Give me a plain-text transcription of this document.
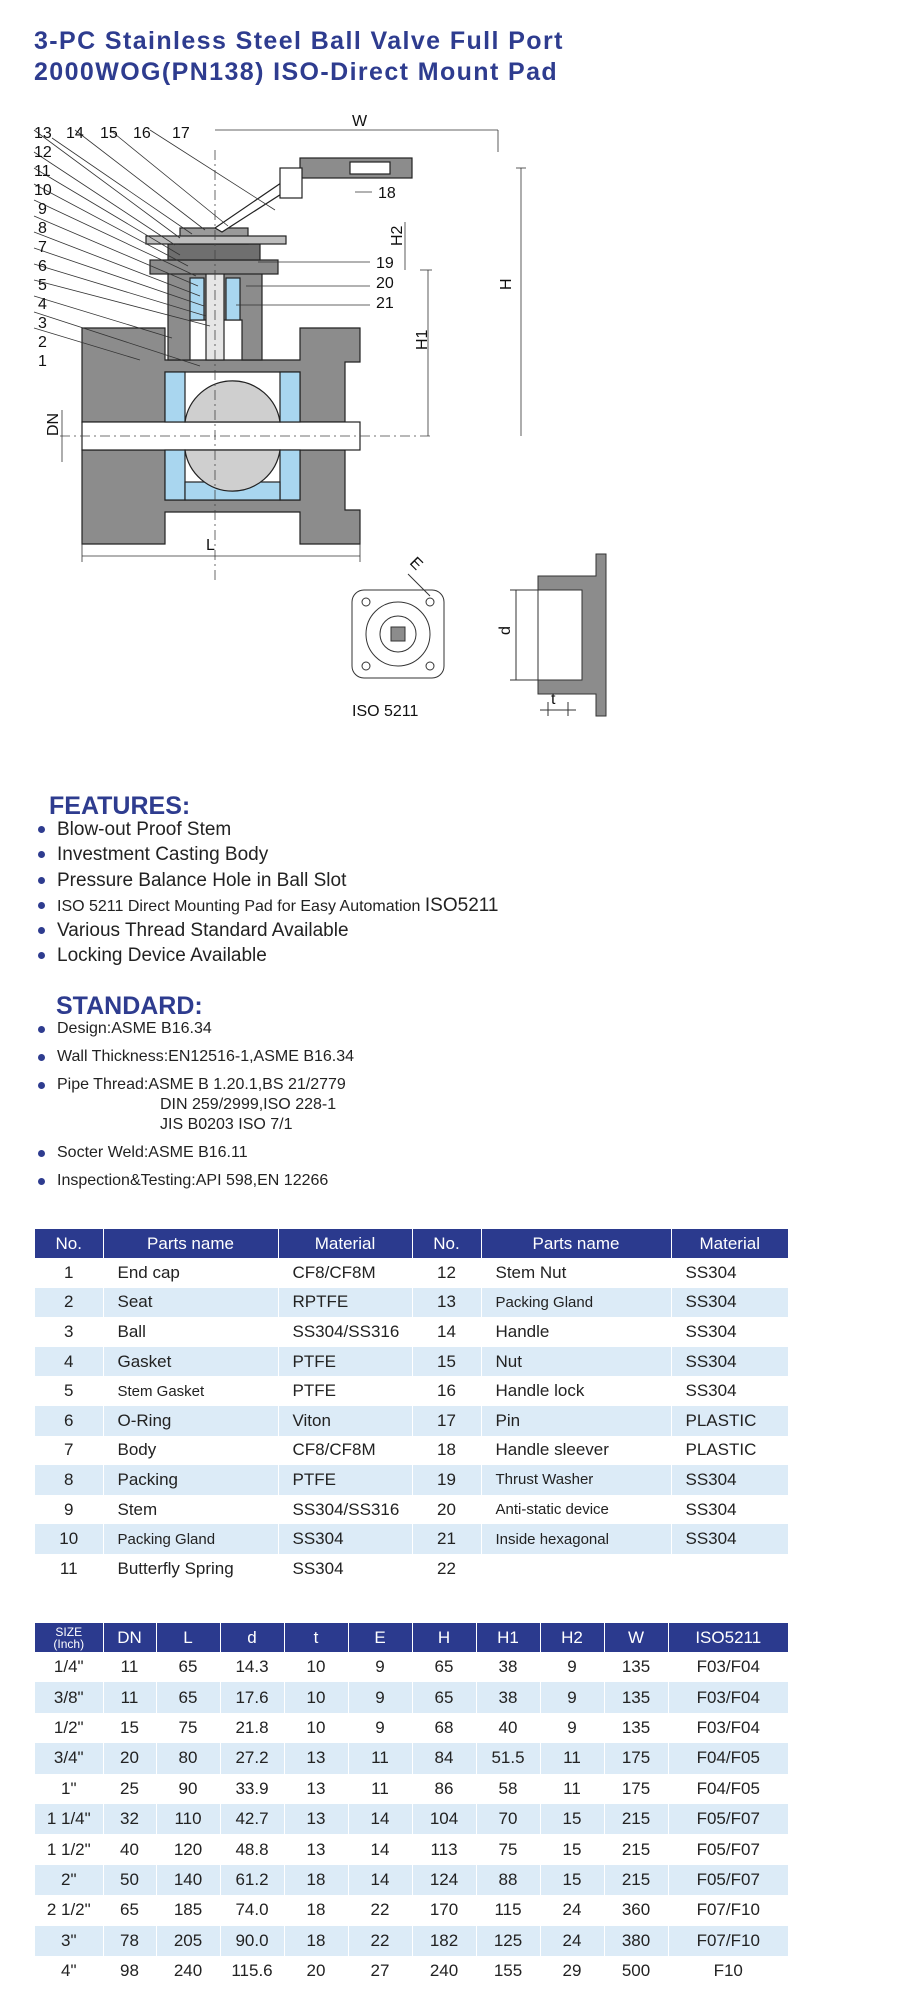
3-PC Stainless Steel Ball Valve Full Port
2000WOG(PN138) ISO-Direct Mount Pad
13 14 15 16 17
12
11
10
9
8
7
6
5
4
3
2
1
18
19
20
21
W
H
H1
H2
DN
L
E
ISO 5211
d
t
FEATURES:
Blow-out Proof Stem
Investment Casting Body
Pressure Balance Hole in Ball Slot
ISO 5211 Direct Mounting Pad for Easy Automation ISO5211
Various Thread Standard Available
Locking Device Available
STANDARD:
Design:ASME B16.34
Wall Thickness:EN12516-1,ASME B16.34
Pipe Thread:ASME B 1.20.1,BS 21/2779
DIN 259/2999,ISO 228-1
JIS B0203 ISO 7/1
Socter Weld:ASME B16.11
Inspection&Testing:API 598,EN 12266
No.	Parts name	Material	No.	Parts name	Material
1	End cap	CF8/CF8M	12	Stem Nut	SS304
2	Seat	RPTFE	13	Packing Gland	SS304
3	Ball	SS304/SS316	14	Handle	SS304
4	Gasket	PTFE	15	Nut	SS304
5	Stem Gasket	PTFE	16	Handle lock	SS304
6	O-Ring	Viton	17	Pin	PLASTIC
7	Body	CF8/CF8M	18	Handle sleever	PLASTIC
8	Packing	PTFE	19	Thrust Washer	SS304
9	Stem	SS304/SS316	20	Anti-static device	SS304
10	Packing Gland	SS304	21	Inside hexagonal	SS304
11	Butterfly Spring	SS304	22		
SIZE
(Inch)	DN	L	d	t	E	H	H1	H2	W	ISO5211
1/4"	11	65	14.3	10	9	65	38	9	135	F03/F04
3/8"	11	65	17.6	10	9	65	38	9	135	F03/F04
1/2"	15	75	21.8	10	9	68	40	9	135	F03/F04
3/4"	20	80	27.2	13	11	84	51.5	11	175	F04/F05
1"	25	90	33.9	13	11	86	58	11	175	F04/F05
1 1/4"	32	110	42.7	13	14	104	70	15	215	F05/F07
1 1/2"	40	120	48.8	13	14	113	75	15	215	F05/F07
2"	50	140	61.2	18	14	124	88	15	215	F05/F07
2 1/2"	65	185	74.0	18	22	170	115	24	360	F07/F10
3"	78	205	90.0	18	22	182	125	24	380	F07/F10
4"	98	240	115.6	20	27	240	155	29	500	F10
